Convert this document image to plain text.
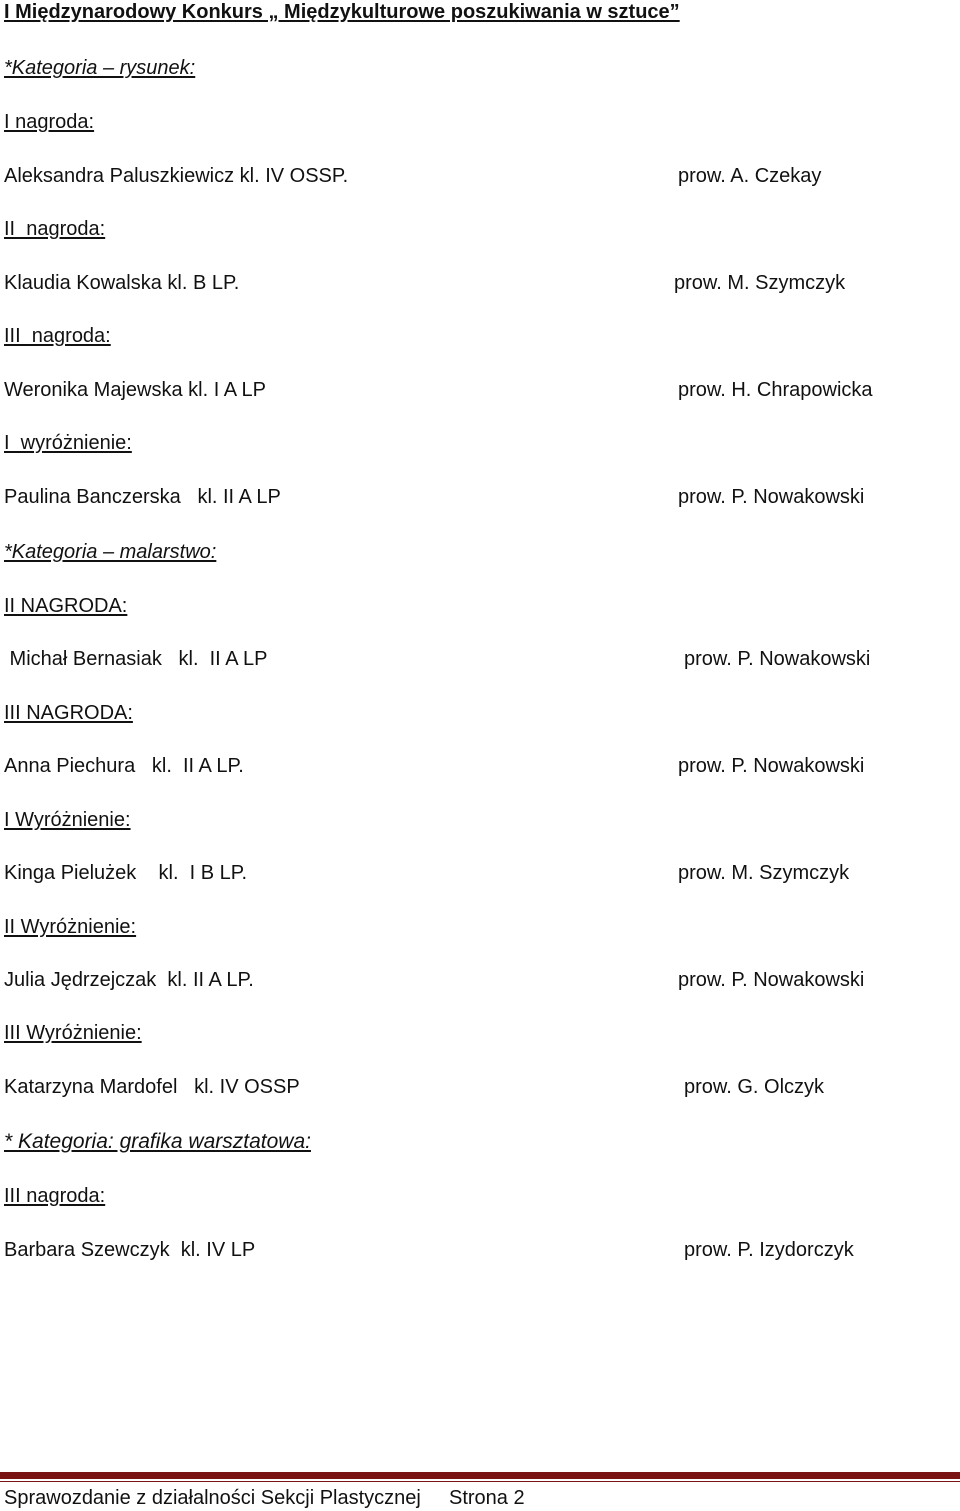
I Międzynarodowy Konkurs „ Międzykulturowe poszukiwania w sztuce”
*Kategoria – rysunek:
I nagroda:
Aleksandra Paluszkiewicz kl. IV OSSP.	prow. A. Czekay
II  nagroda:
Klaudia Kowalska kl. B LP.	prow. M. Szymczyk
III  nagroda:
Weronika Majewska kl. I A LP	prow. H. Chrapowicka
I  wyróżnienie:
Paulina Banczerska   kl. II A LP	prow. P. Nowakowski
*Kategoria – malarstwo:
II NAGRODA:
Michał Bernasiak   kl.  II A LP	prow. P. Nowakowski
III NAGRODA:
Anna Piechura   kl.  II A LP.	prow. P. Nowakowski
I Wyróżnienie:
Kinga Pielużek    kl.  I B LP.	prow. M. Szymczyk
II Wyróżnienie:
Julia Jędrzejczak  kl. II A LP.	prow. P. Nowakowski
III Wyróżnienie:
Katarzyna Mardofel   kl. IV OSSP	prow. G. Olczyk
* Kategoria: grafika warsztatowa:
III nagroda:
Barbara Szewczyk  kl. IV LP	prow. P. Izydorczyk
Sprawozdanie z działalności Sekcji Plastycznej Strona 2
